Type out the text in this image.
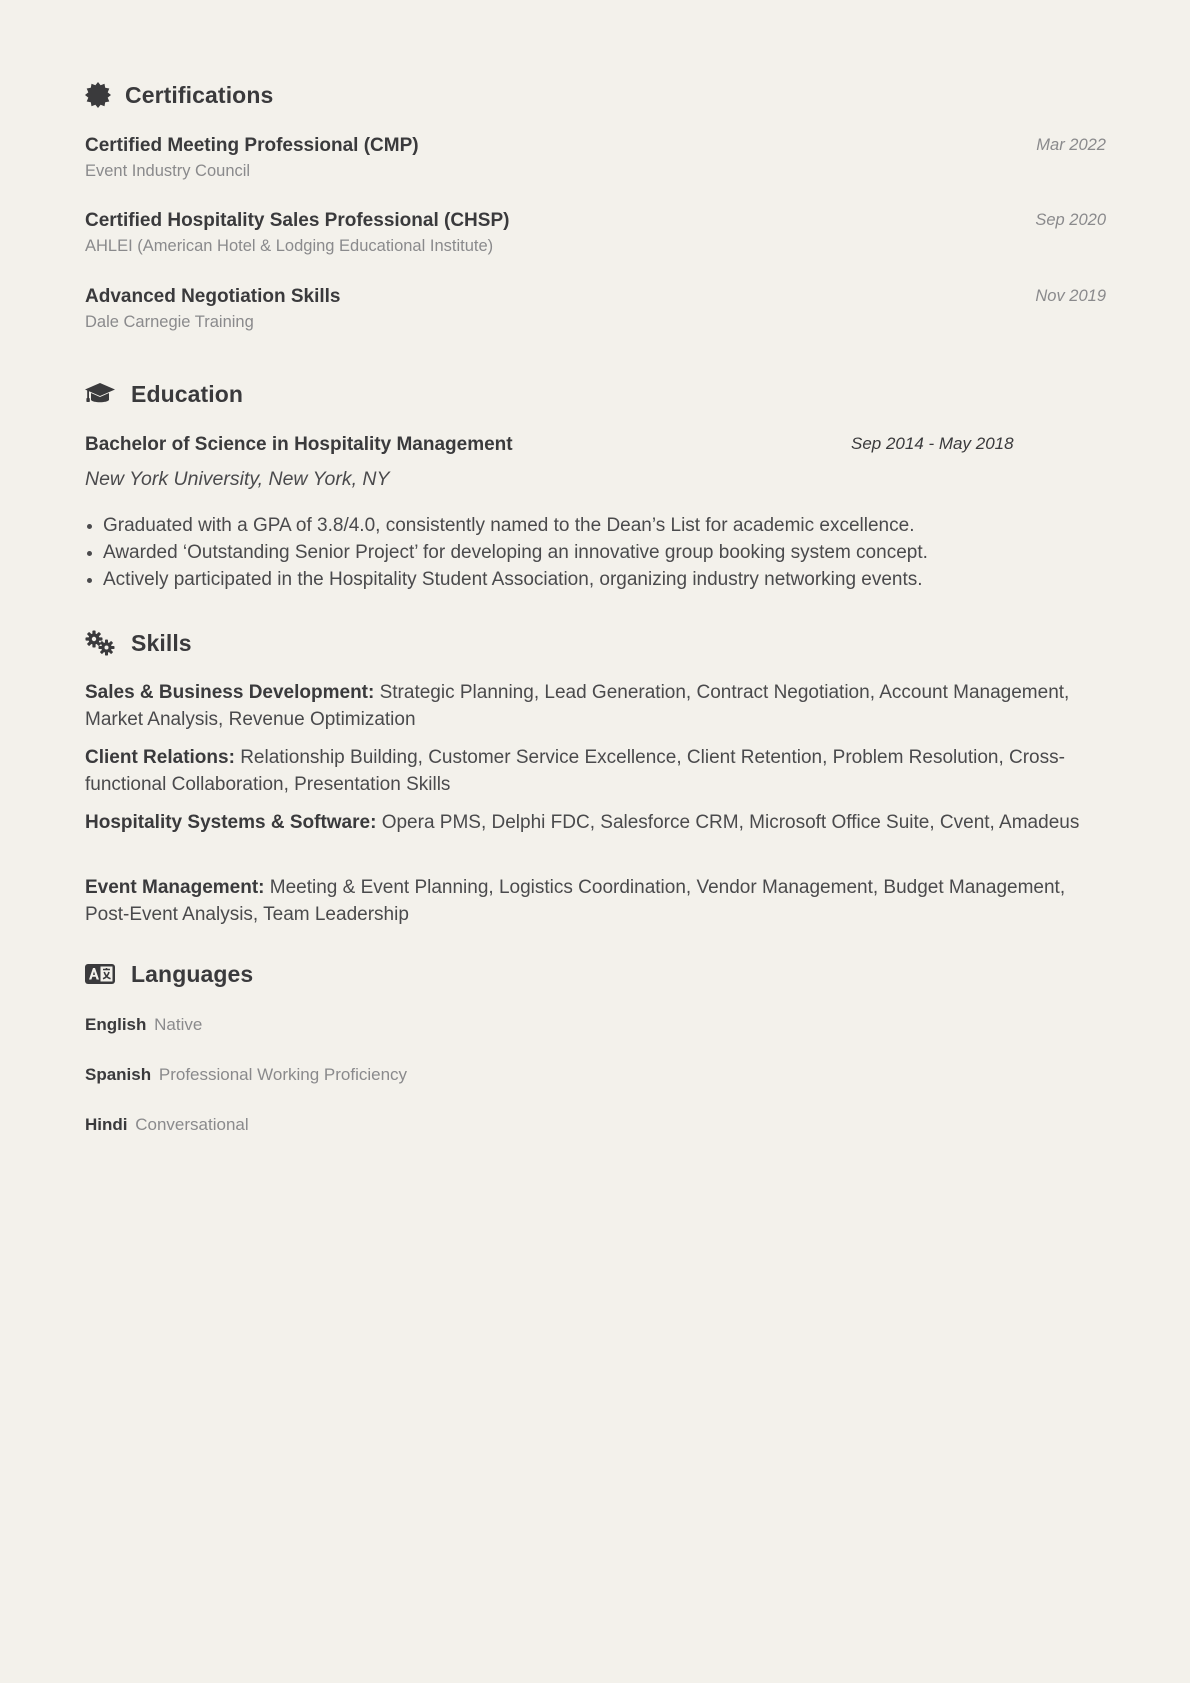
Certifications
Certified Meeting Professional (CMP)
Event Industry Council
Mar 2022
Certified Hospitality Sales Professional (CHSP)
AHLEI (American Hotel & Lodging Educational Institute)
Sep 2020
Advanced Negotiation Skills
Dale Carnegie Training
Nov 2019
Education
Bachelor of Science in Hospitality Management	Sep 2014 - May 2018
New York University, New York, NY
Graduated with a GPA of 3.8/4.0, consistently named to the Dean’s List for academic excellence.
Awarded ‘Outstanding Senior Project’ for developing an innovative group booking system concept.
Actively participated in the Hospitality Student Association, organizing industry networking events.
Skills
Sales & Business Development: Strategic Planning, Lead Generation, Contract Negotiation, Account Management, Market Analysis, Revenue Optimization
Client Relations: Relationship Building, Customer Service Excellence, Client Retention, Problem Resolution, Cross-functional Collaboration, Presentation Skills
Hospitality Systems & Software: Opera PMS, Delphi FDC, Salesforce CRM, Microsoft Office Suite, Cvent, Amadeus
Event Management: Meeting & Event Planning, Logistics Coordination, Vendor Management, Budget Management, Post-Event Analysis, Team Leadership
Languages
English Native
Spanish Professional Working Proficiency
Hindi Conversational
